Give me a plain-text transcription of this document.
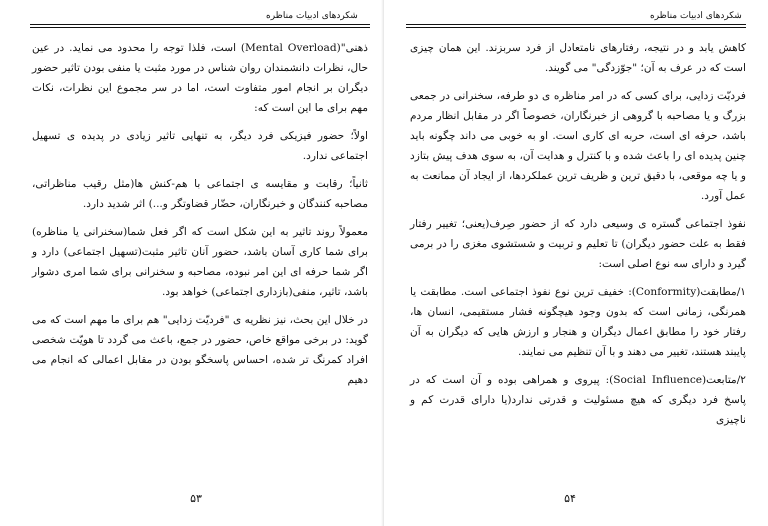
شکردهای ادبیات مناظره

ذهنی"(Mental Overload) است، فلذا توجه را محدود می نماید. در عین حال، نظرات دانشمندان روان شناس در مورد مثبت یا منفی بودن تاثیر حضور دیگران بر انجام امور متفاوت است، اما در سر مجموع این نظرات، نکات مهم برای ما این است که:

اولاً؛ حضور فیزیکی فرد دیگر، به تنهایی تاثیر زیادی در پدیده ی تسهیل اجتماعی ندارد.

ثانیاً؛ رقابت و مقایسه ی اجتماعی با هم-کنش ها(مثل رقیب مناظراتی، مصاحبه کنندگان و خبرنگاران، حضّار قضاوتگر و...) اثر شدید دارد.

معمولاً روند تاثیر به این شکل است که اگر فعل شما(سخنرانی یا مناظره) برای شما کاری آسان باشد، حضور آنان تاثیر مثبت(تسهیل اجتماعی) دارد و اگر شما حرفه ای این امر نبوده، مصاحبه و سخنرانی برای شما امری دشوار باشد، تاثیر، منفی(بازداری اجتماعی) خواهد بود.

در خلال این بحث، نیز نظریه ی "فرديّت زدایی" هم برای ما مهم است که می گوید: در برخی مواقع خاص، حضور در جمع، باعث می گردد تا هویّت شخصی افراد کمرنگ تر شده، احساس پاسخگو بودن در مقابل اعمالی که انجام می دهیم

۵۳
شکردهای ادبیات مناظره

کاهش یابد و در نتیجه، رفتارهای نامتعادل از فرد سربزند. این همان چیزی است که در عرف به آن؛ "جوّزدگی" می گویند.

فرديّت زدایی، برای کسی که در امر مناظره ی دو طرفه، سخنرانی در جمعی بزرگ و یا مصاحبه با گروهی از خبرنگاران، خصوصاً اگر در مقابل انظار مردم باشد، حرفه ای است، حربه ای کاری است. او به خوبی می داند چگونه باید چنین پدیده ای را باعث شده و با کنترل و هدایت آن، به سوی هدف پیش بتازد و یا چه موقعی، با دقیق ترین و ظریف ترین عملکردها، از ایجاد آن ممانعت به عمل آورد.

نفوذ اجتماعی گستره ی وسیعی دارد که از حضور صِرف(یعنی؛ تغییر رفتار فقط به علت حضور دیگران) تا تعلیم و تربیت و شستشوی مغزی را در برمی گیرد و دارای سه نوع اصلی است:

۱/مطابقت(Conformity): خفیف ترین نوع نفوذ اجتماعی است. مطابقت یا همرنگی، زمانی است که بدون وجود هیچگونه فشار مستقیمی، انسان ها، رفتار خود را مطابق اعمال دیگران و هنجار و ارزش هایی که دیگران به آن پایبند هستند، تغییر می دهند و با آن تنظیم می نمایند.

۲/متابعت(Social Influence): پیروی و همراهی بوده و آن است که در پاسخ فرد دیگری که هیچ مسئولیت و قدرتی ندارد(یا دارای قدرت کم و ناچیزی

۵۴
